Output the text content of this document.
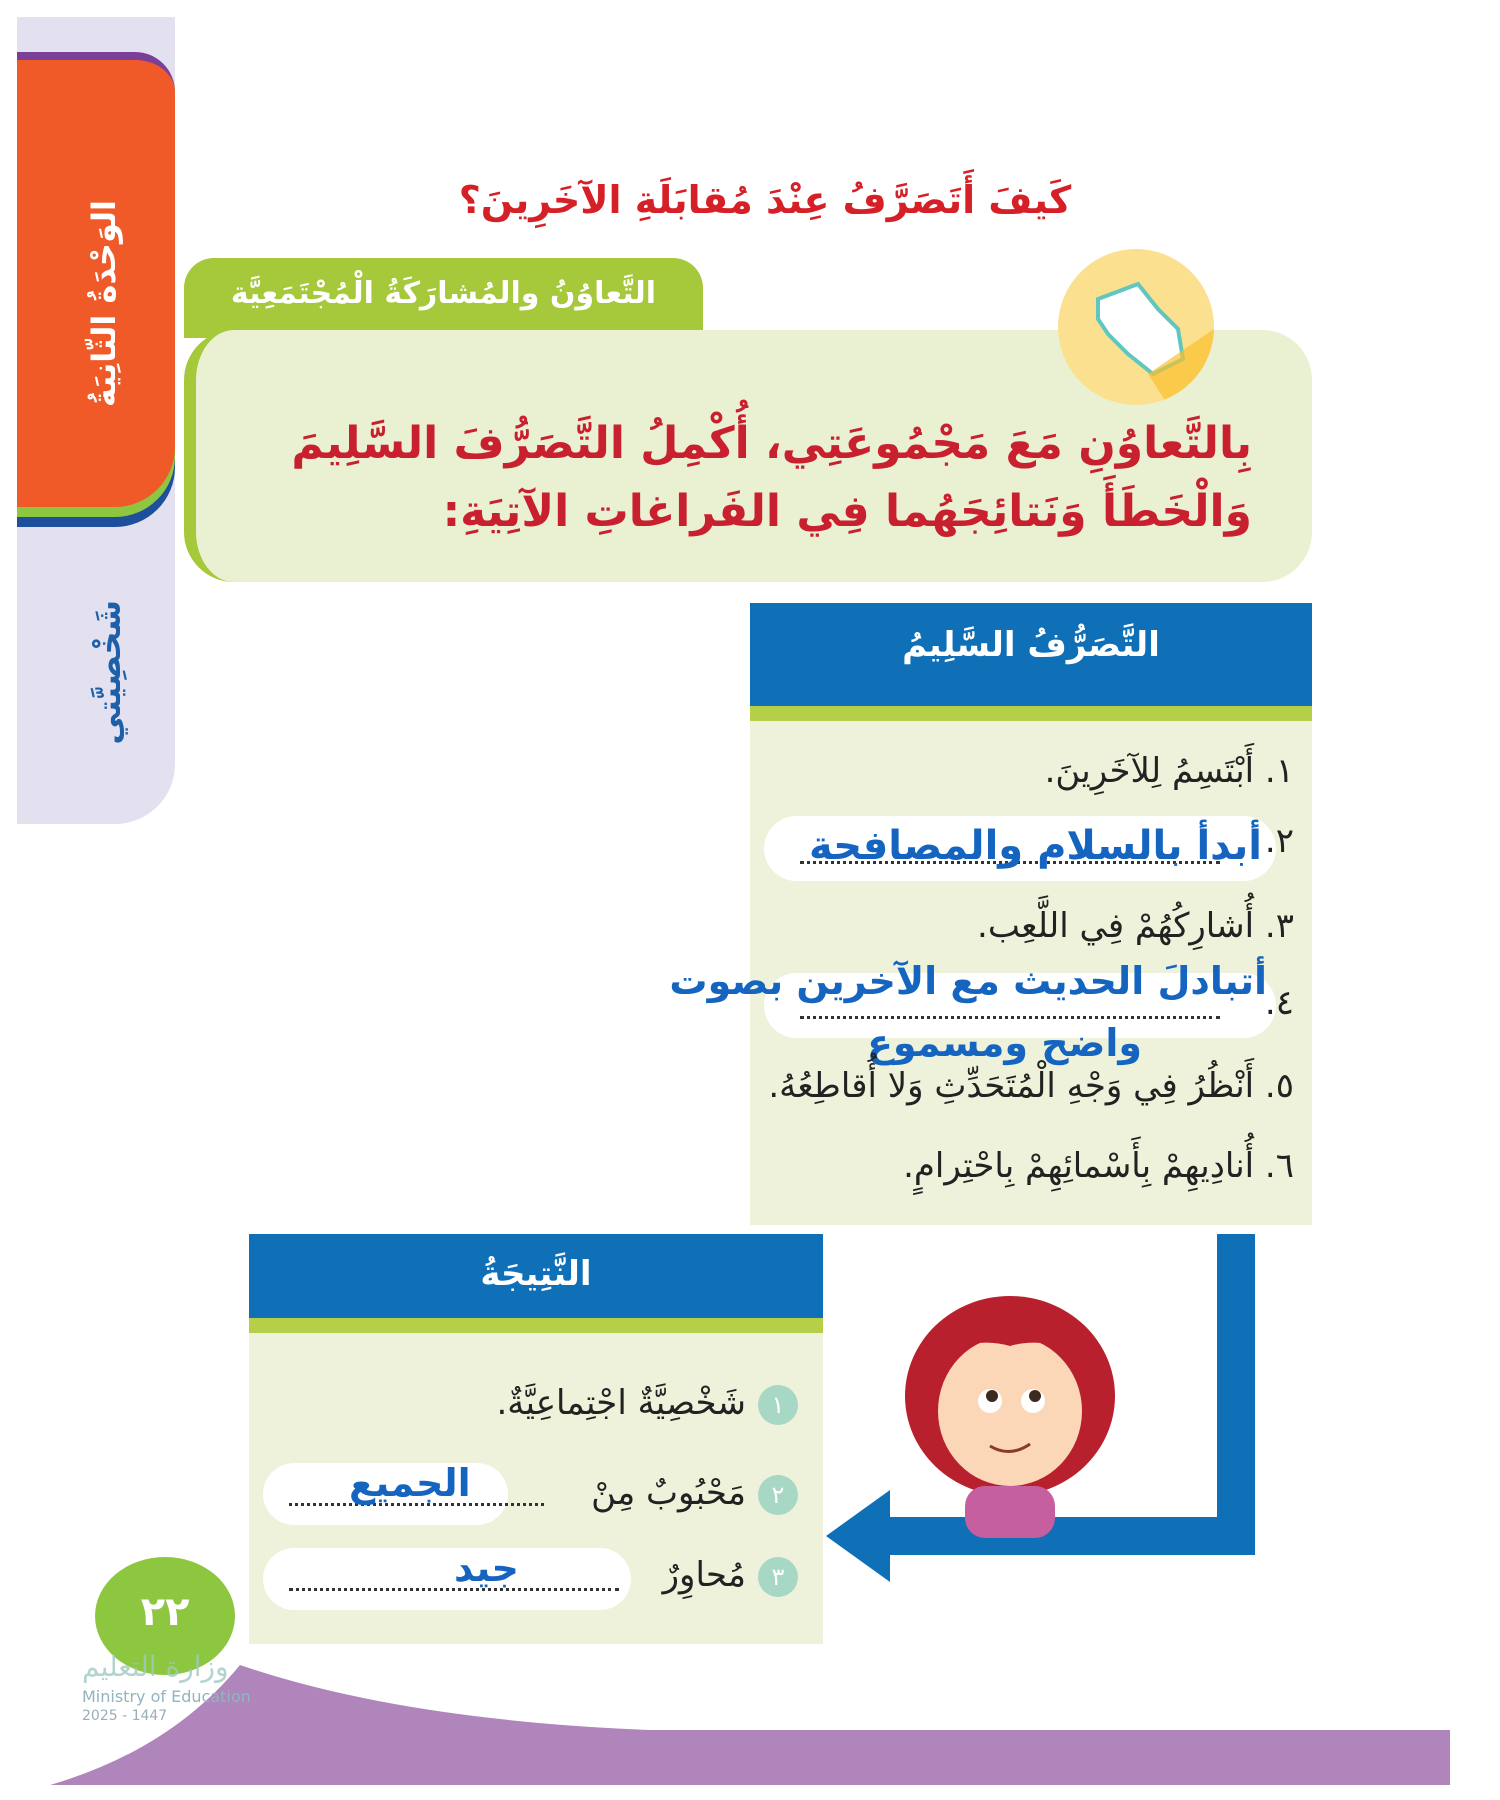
الوَحْدَةُ الثّانِيَةُ
شَخْصِيَّتي
كَيفَ أَتَصَرَّفُ عِنْدَ مُقابَلَةِ الآخَرِينَ؟
التَّعاوُنُ والمُشارَكَةُ الْمُجْتَمَعِيَّة

بِالتَّعاوُنِ مَعَ مَجْمُوعَتِي، أُكْمِلُ التَّصَرُّفَ السَّلِيمَ وَالْخَطَأَ وَنَتائِجَهُما فِي الفَراغاتِ الآتِيَةِ:

التَّصَرُّفُ السَّلِيمُ
١. أَبْتَسِمُ لِلآخَرِينَ.
٢.
أبدأ بالسلام والمصافحة
٣. أُشارِكُهُمْ فِي اللَّعِب.
٤.
أتبادلَ الحديث مع الآخرين بصوت
واضح ومسموع
٥. أَنْظُرُ فِي وَجْهِ الْمُتَحَدِّثِ وَلا أُقاطِعُهُ.
٦. أُنادِيهِمْ بِأَسْمائِهِمْ بِاحْتِرامٍ.
النَّتِيجَةُ
١شَخْصِيَّةٌ اجْتِماعِيَّةٌ.
الجميع	٢مَحْبُوبٌ مِنْ
جيد	٣مُحاوِرٌ
٢٢
وزارة التعليم
Ministry of Education
2025 - 1447
